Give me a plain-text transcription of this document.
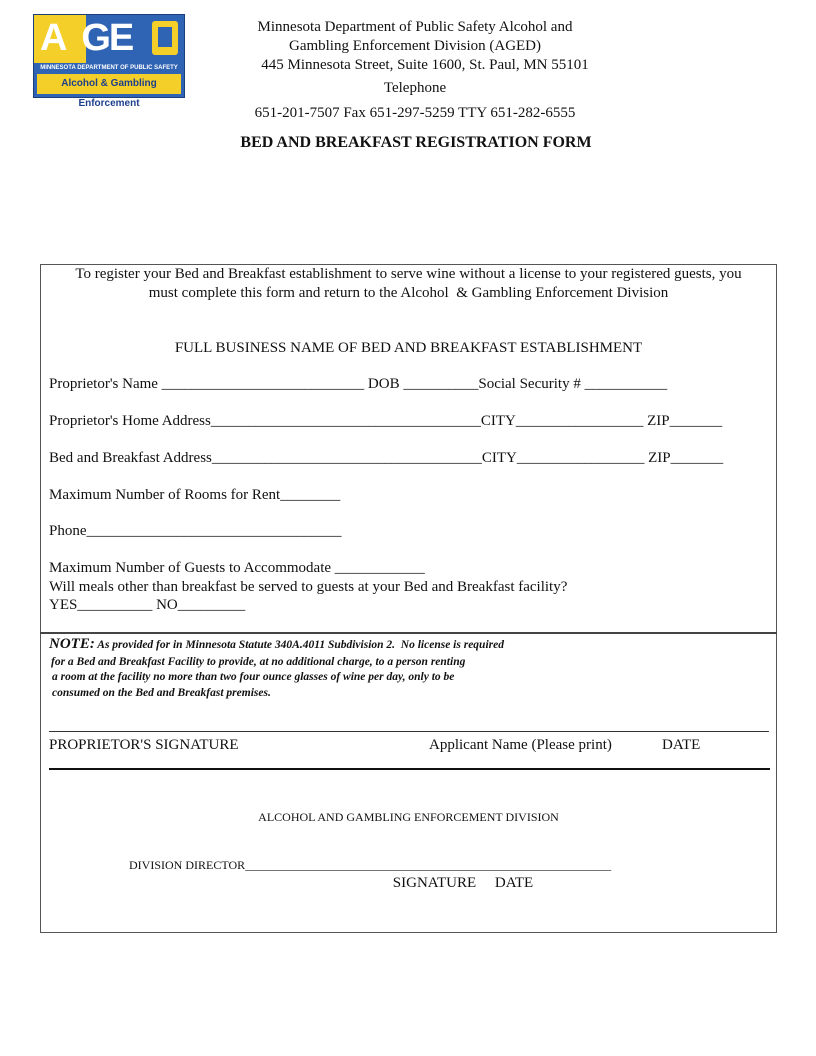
A&GE
MINNESOTA DEPARTMENT OF PUBLIC SAFETY
Alcohol & Gambling Enforcement
Minnesota Department of Public Safety Alcohol and
Gambling Enforcement Division (AGED)
445 Minnesota Street, Suite 1600, St. Paul, MN 55101
Telephone
651-201-7507 Fax 651-297-5259 TTY 651-282-6555
BED AND BREAKFAST REGISTRATION FORM
To register your Bed and Breakfast establishment to serve wine without a license to your registered guests, you
must complete this form and return to the Alcohol  & Gambling Enforcement Division
FULL BUSINESS NAME OF BED AND BREAKFAST ESTABLISHMENT
Proprietor's Name ___________________________ DOB __________Social Security # ___________
Proprietor's Home Address____________________________________CITY_________________ ZIP_______
Bed and Breakfast Address____________________________________CITY_________________ ZIP_______
Maximum Number of Rooms for Rent________
Phone__________________________________
Maximum Number of Guests to Accommodate ____________
Will meals other than breakfast be served to guests at your Bed and Breakfast facility?
YES__________ NO_________
NOTE: As provided for in Minnesota Statute 340A.4011 Subdivision 2.  No license is required
for a Bed and Breakfast Facility to provide, at no additional charge, to a person renting
a room at the facility no more than two four ounce glasses of wine per day, only to be
consumed on the Bed and Breakfast premises.
PROPRIETOR'S SIGNATURE	Applicant Name (Please print)	DATE
ALCOHOL AND GAMBLING ENFORCEMENT DIVISION
DIVISION DIRECTOR_____________________________________________________________
SIGNATURE     DATE
